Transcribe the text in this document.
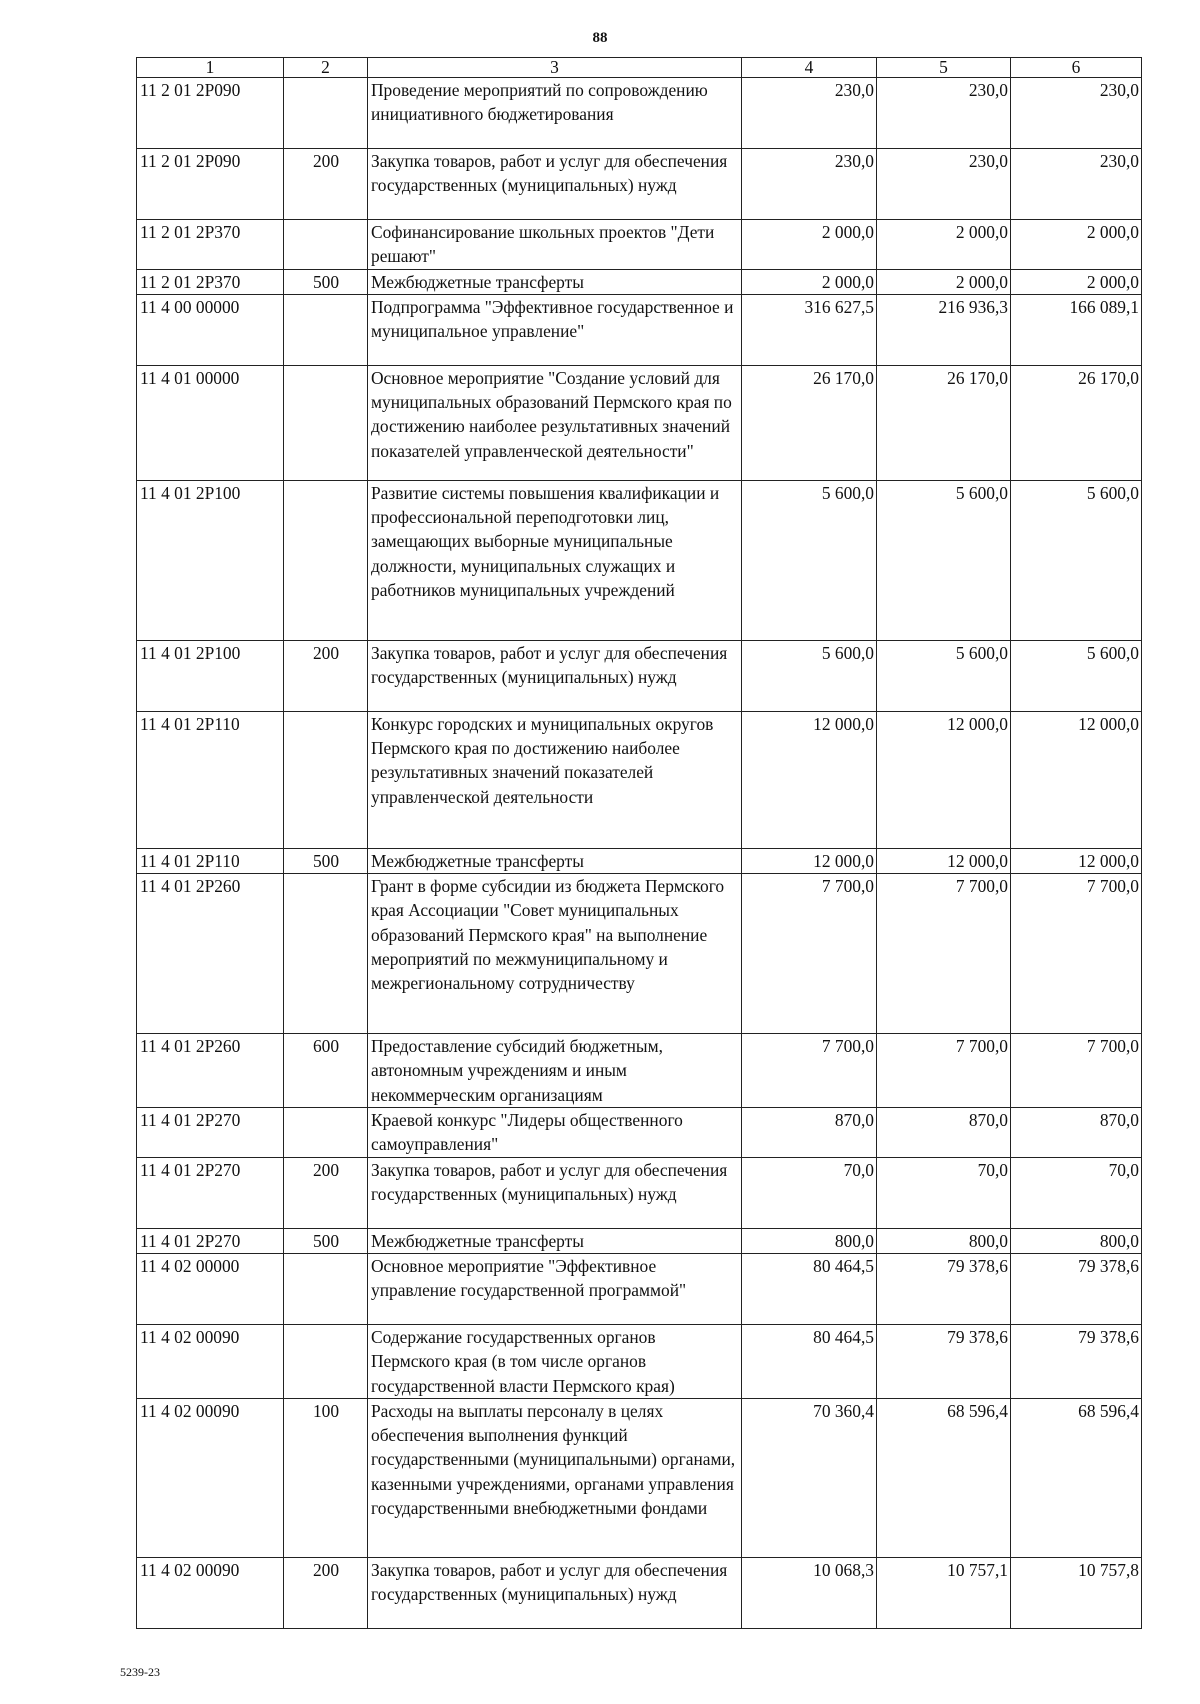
88
1	2	3	4	5	6
11 2 01 2P090		Проведение мероприятий по сопровождению инициативного бюджетирования	230,0	230,0	230,0
11 2 01 2P090	200	Закупка товаров, работ и услуг для обеспечения государственных (муниципальных) нужд	230,0	230,0	230,0
11 2 01 2P370		Софинансирование школьных проектов "Дети решают"	2 000,0	2 000,0	2 000,0
11 2 01 2P370	500	Межбюджетные трансферты	2 000,0	2 000,0	2 000,0
11 4 00 00000		Подпрограмма "Эффективное государственное и муниципальное управление"	316 627,5	216 936,3	166 089,1
11 4 01 00000		Основное мероприятие "Создание условий для муниципальных образований Пермского края по достижению наиболее результативных значений показателей управленческой деятельности"	26 170,0	26 170,0	26 170,0
11 4 01 2P100		Развитие системы повышения квалификации и профессиональной переподготовки лиц, замещающих выборные муниципальные должности, муниципальных служащих и работников муниципальных учреждений	5 600,0	5 600,0	5 600,0
11 4 01 2P100	200	Закупка товаров, работ и услуг для обеспечения государственных (муниципальных) нужд	5 600,0	5 600,0	5 600,0
11 4 01 2P110		Конкурс городских и муниципальных округов Пермского края по достижению наиболее результативных значений показателей управленческой деятельности	12 000,0	12 000,0	12 000,0
11 4 01 2P110	500	Межбюджетные трансферты	12 000,0	12 000,0	12 000,0
11 4 01 2P260		Грант в форме субсидии из бюджета Пермского края Ассоциации "Совет муниципальных образований Пермского края" на выполнение мероприятий по межмуниципальному и межрегиональному сотрудничеству	7 700,0	7 700,0	7 700,0
11 4 01 2P260	600	Предоставление субсидий бюджетным, автономным учреждениям и иным некоммерческим организациям	7 700,0	7 700,0	7 700,0
11 4 01 2P270		Краевой конкурс "Лидеры общественного самоуправления"	870,0	870,0	870,0
11 4 01 2P270	200	Закупка товаров, работ и услуг для обеспечения государственных (муниципальных) нужд	70,0	70,0	70,0
11 4 01 2P270	500	Межбюджетные трансферты	800,0	800,0	800,0
11 4 02 00000		Основное мероприятие "Эффективное управление государственной программой"	80 464,5	79 378,6	79 378,6
11 4 02 00090		Содержание государственных органов Пермского края (в том числе органов государственной власти Пермского края)	80 464,5	79 378,6	79 378,6
11 4 02 00090	100	Расходы на выплаты персоналу в целях обеспечения выполнения функций государственными (муниципальными) органами, казенными учреждениями, органами управления государственными внебюджетными фондами	70 360,4	68 596,4	68 596,4
11 4 02 00090	200	Закупка товаров, работ и услуг для обеспечения государственных (муниципальных) нужд	10 068,3	10 757,1	10 757,8
5239-23
